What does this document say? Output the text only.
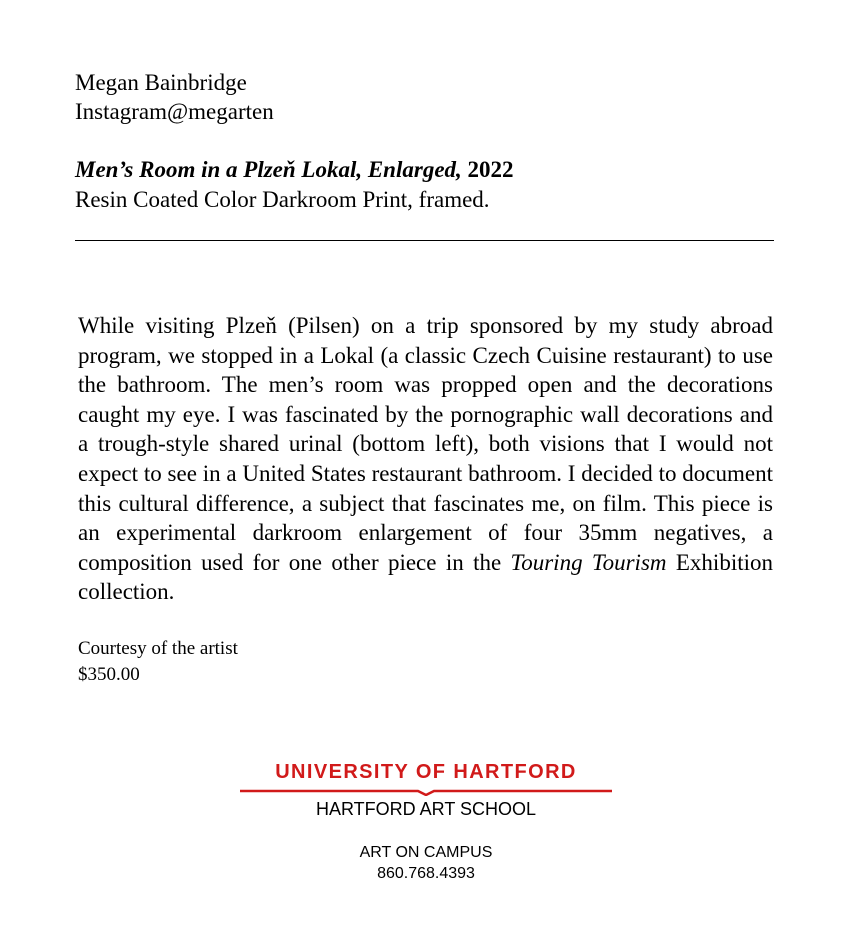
Megan Bainbridge
Instagram@megarten
Men’s Room in a Plzeň Lokal, Enlarged, 2022
Resin Coated Color Darkroom Print, framed.

While visiting Plzeň (Pilsen) on a trip sponsored by my study abroad program, we stopped in a Lokal (a classic Czech Cuisine restaurant) to use the bathroom. The men’s room was propped open and the decorations caught my eye. I was fascinated by the pornographic wall decorations and a trough-style shared urinal (bottom left), both visions that I would not expect to see in a United States restaurant bathroom. I decided to document this cultural difference, a subject that fascinates me, on film. This piece is an experimental darkroom enlargement of four 35mm negatives, a composition used for one other piece in the Touring Tourism Exhibition collection.

Courtesy of the artist
$350.00
UNIVERSITY OF HARTFORD
HARTFORD ART SCHOOL
ART ON CAMPUS
860.768.4393
